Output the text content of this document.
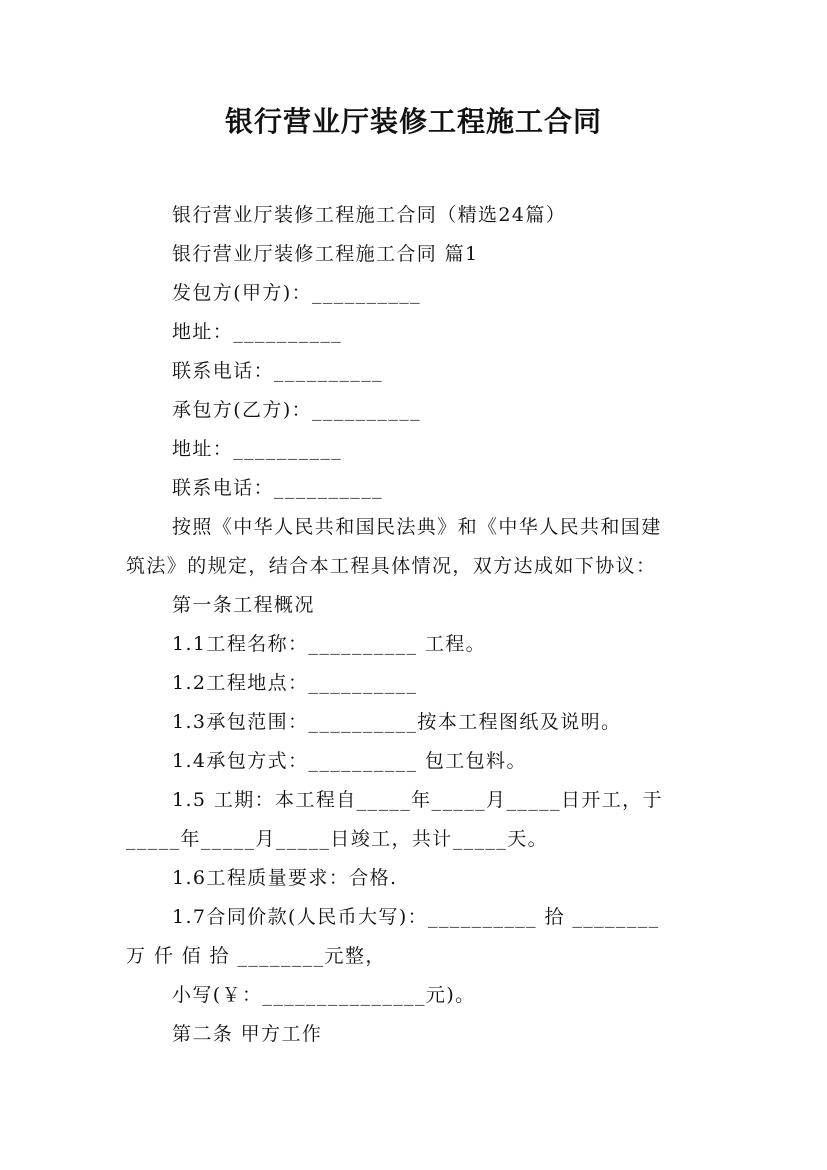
银行营业厅装修工程施工合同
银行营业厅装修工程施工合同（精选24篇）
银行营业厅装修工程施工合同 篇1
发包方(甲方)：__________
地址：__________
联系电话：__________
承包方(乙方)：__________
地址：__________
联系电话：__________
按照《中华人民共和国民法典》和《中华人民共和国建
筑法》的规定，结合本工程具体情况，双方达成如下协议：
第一条工程概况
1.1工程名称：__________ 工程。
1.2工程地点：__________
1.3承包范围：__________按本工程图纸及说明。
1.4承包方式：__________ 包工包料。
1.5 工期：本工程自_____年_____月_____日开工，于
_____年_____月_____日竣工，共计_____天。
1.6工程质量要求：合格.
1.7合同价款(人民币大写)：__________ 拾 ________
万 仟 佰 拾 ________元整，
小写(￥：_______________元)。
第二条 甲方工作
